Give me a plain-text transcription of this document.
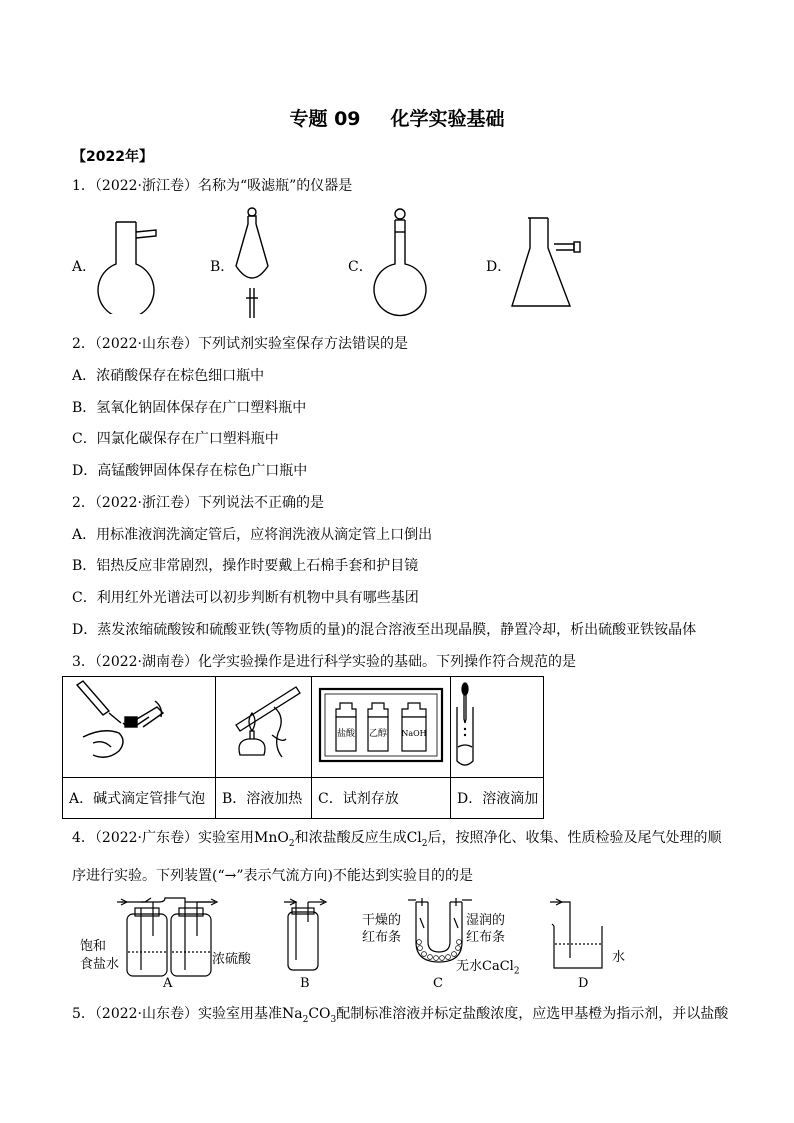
专题 09 化学实验基础
【2022年】
1．（2022·浙江卷）名称为“吸滤瓶”的仪器是
A．	B．	C．	D．
2．（2022·山东卷）下列试剂实验室保存方法错误的是
A．浓硝酸保存在棕色细口瓶中
B．氢氧化钠固体保存在广口塑料瓶中
C．四氯化碳保存在广口塑料瓶中
D．高锰酸钾固体保存在棕色广口瓶中
2．（2022·浙江卷）下列说法不正确的是
A．用标准液润洗滴定管后，应将润洗液从滴定管上口倒出
B．铝热反应非常剧烈，操作时要戴上石棉手套和护目镜
C．利用红外光谱法可以初步判断有机物中具有哪些基团
D．蒸发浓缩硫酸铵和硫酸亚铁(等物质的量)的混合溶液至出现晶膜，静置冷却，析出硫酸亚铁铵晶体
3．（2022·湖南卷）化学实验操作是进行科学实验的基础。下列操作符合规范的是

盐酸 乙醇 NaOH

A．碱式滴定管排气泡	B．溶液加热	C．试剂存放	D．溶液滴加
4．（2022·广东卷）实验室用MnO$_2$和浓盐酸反应生成$Cl_2$后，按照净化、收集、性质检验及尾气处理的顺
序进行实验。下列装置(“→”表示气流方向)不能达到实验目的的是
饱和
食盐水	浓硫酸
A	B
干燥的
红布条
湿润的
红布条
无水CaCl$_2$
C
水
D
5．（2022·山东卷）实验室用基准$Na_2CO_3$配制标准溶液并标定盐酸浓度，应选甲基橙为指示剂，并以盐酸
